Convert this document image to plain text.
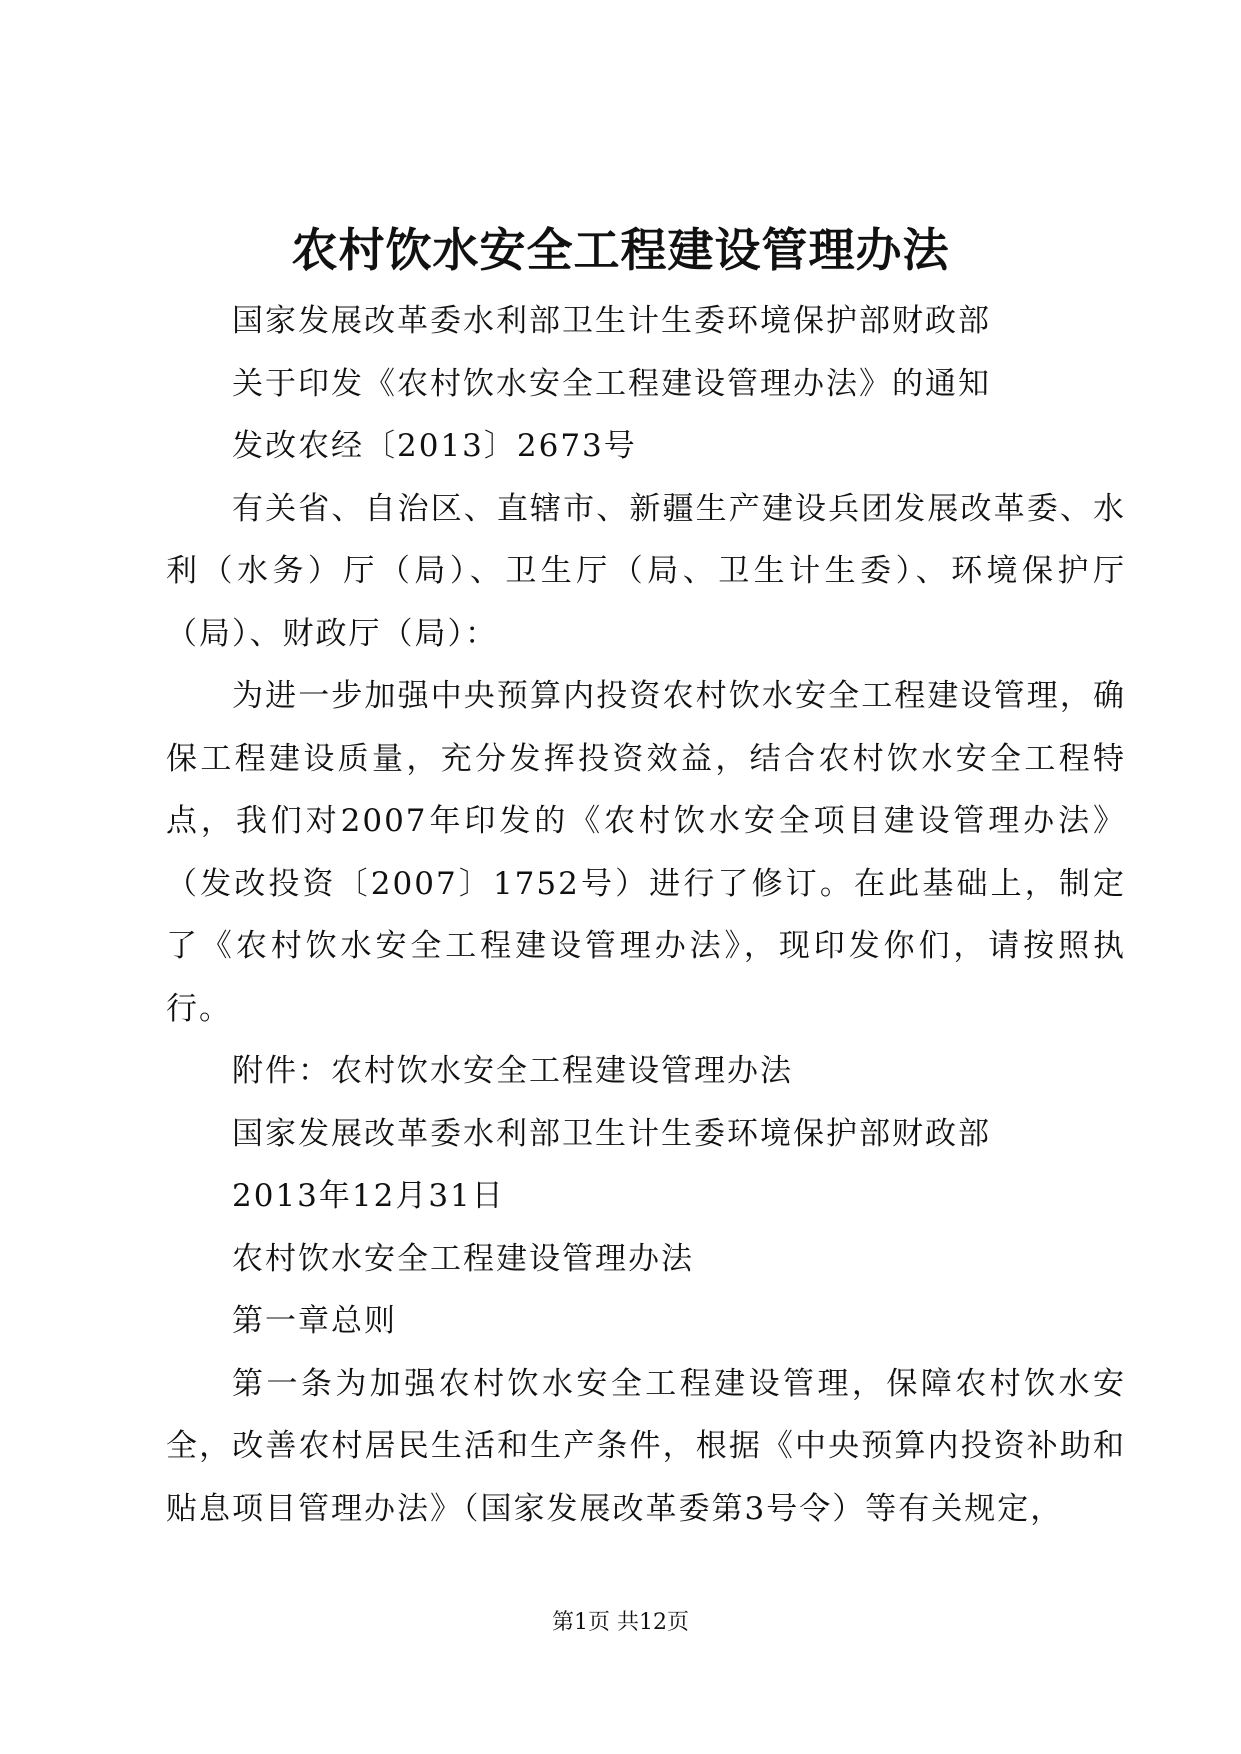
农村饮水安全工程建设管理办法

国家发展改革委水利部卫生计生委环境保护部财政部

关于印发《农村饮水安全工程建设管理办法》的通知

发改农经〔2013〕2673号

有关省、自治区、直辖市、新疆生产建设兵团发展改革委、水利（水务）厅（局）、卫生厅（局、卫生计生委）、环境保护厅（局）、财政厅（局）：

为进一步加强中央预算内投资农村饮水安全工程建设管理，确保工程建设质量，充分发挥投资效益，结合农村饮水安全工程特点，我们对2007年印发的《农村饮水安全项目建设管理办法》（发改投资〔2007〕1752号）进行了修订。在此基础上，制定了《农村饮水安全工程建设管理办法》，现印发你们，请按照执行。

附件：农村饮水安全工程建设管理办法

国家发展改革委水利部卫生计生委环境保护部财政部

2013年12月31日

农村饮水安全工程建设管理办法

第一章总则

第一条为加强农村饮水安全工程建设管理，保障农村饮水安全，改善农村居民生活和生产条件，根据《中央预算内投资补助和贴息项目管理办法》（国家发展改革委第3号令）等有关规定，

第1页 共12页
